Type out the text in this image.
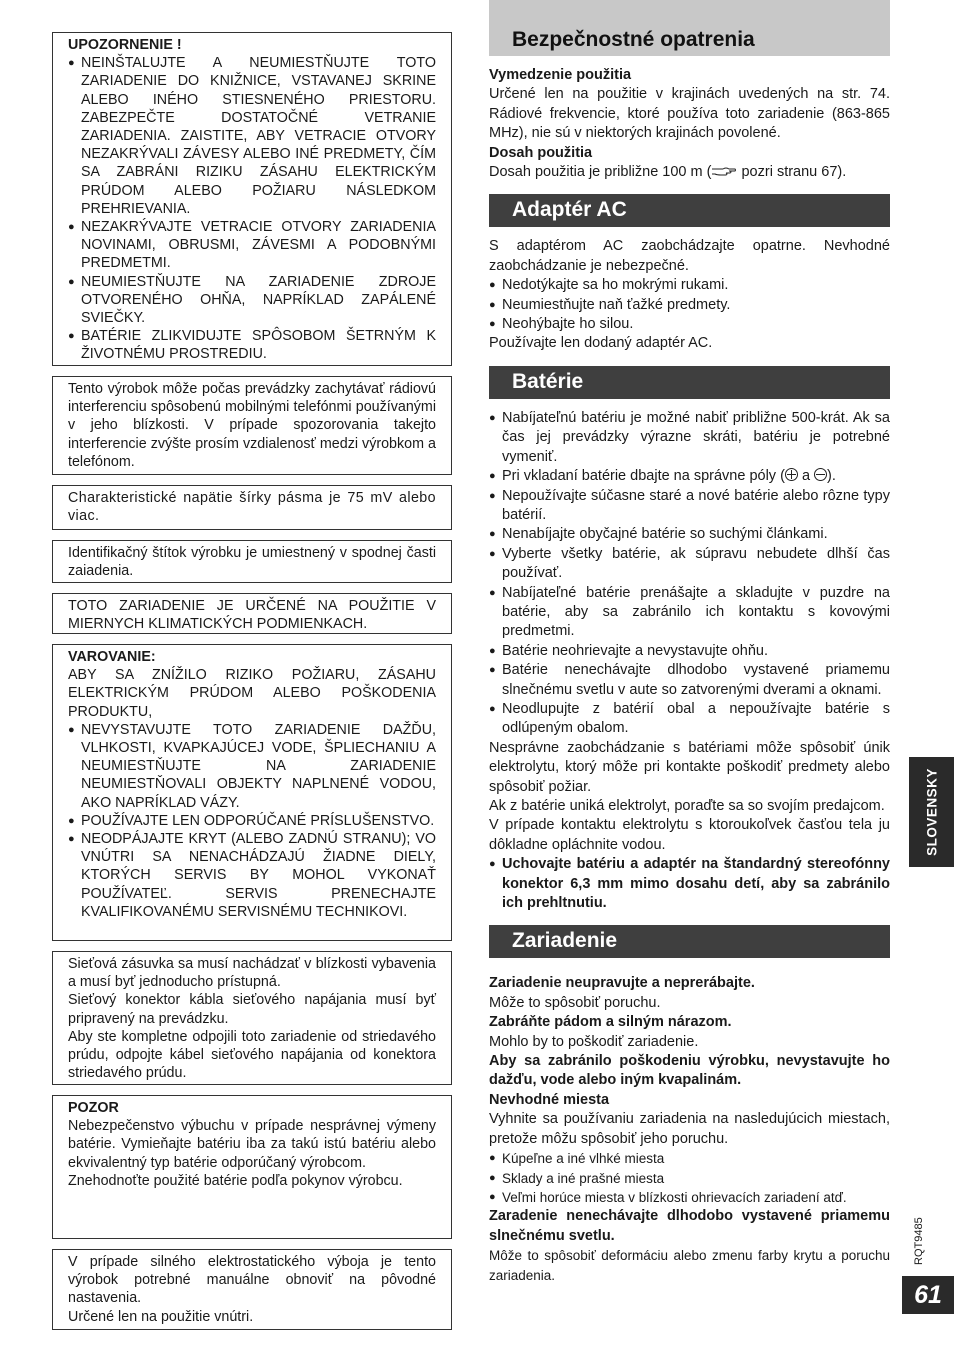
UPOZORNENIE !

● NEINŠTALUJTE A NEUMIESTŇUJTE TOTO ZARIADENIE DO KNIŽNICE, VSTAVANEJ SKRINE ALEBO INÉHO STIESNENÉHO PRIESTORU. ZABEZPEČTE DOSTATOČNÉ VETRANIE ZARIADENIA. ZAISTITE, ABY VETRACIE OTVORY NEZAKRÝVALI ZÁVESY ALEBO INÉ PREDMETY, ČÍM SA ZABRÁNI RIZIKU ZÁSAHU ELEKTRICKÝM PRÚDOM ALEBO POŽIARU NÁSLEDKOM PREHRIEVANIA.
● NEZAKRÝVAJTE VETRACIE OTVORY ZARIADENIA NOVINAMI, OBRUSMI, ZÁVESMI A PODOBNÝMI PREDMETMI.
● NEUMIESTŇUJTE NA ZARIADENIE ZDROJE OTVORENÉHO OHŇA, NAPRÍKLAD ZAPÁLENÉ SVIEČKY.
● BATÉRIE ZLIKVIDUJTE SPÔSOBOM ŠETRNÝM K ŽIVOTNÉMU PROSTREDIU.

Tento výrobok môže počas prevádzky zachytávať rádiovú interferenciu spôsobenú mobilnými telefónmi používanými v jeho blízkosti. V prípade spozorovania takejto interferencie zvýšte prosím vzdialenosť medzi výrobkom a telefónom.

Charakteristické napätie šírky pásma je 75 mV alebo viac.

Identifikačný štítok výrobku je umiestnený v spodnej časti zaiadenia.

TOTO ZARIADENIE JE URČENÉ NA POUŽITIE V MIERNYCH KLIMATICKÝCH PODMIENKACH.

VAROVANIE:

ABY SA ZNÍŽILO RIZIKO POŽIARU, ZÁSAHU ELEKTRICKÝM PRÚDOM ALEBO POŠKODENIA PRODUKTU,

● NEVYSTAVUJTE TOTO ZARIADENIE DAŽĎU, VLHKOSTI, KVAPKAJÚCEJ VODE, ŠPLIECHANIU A NEUMIESTŇUJTE NA ZARIADENIE NEUMIESTŇOVALI OBJEKTY NAPLNENÉ VODOU, AKO NAPRÍKLAD VÁZY.
● POUŽÍVAJTE LEN ODPORÚČANÉ PRÍSLUŠENSTVO.
● NEODPÁJAJTE KRYT (ALEBO ZADNÚ STRANU); VO VNÚTRI SA NENACHÁDZAJÚ ŽIADNE DIELY, KTORÝCH SERVIS BY MOHOL VYKONAŤ POUŽÍVATEĽ. SERVIS PRENECHAJTE KVALIFIKOVANÉMU SERVISNÉMU TECHNIKOVI.

Sieťová zásuvka sa musí nachádzať v blízkosti vybavenia a musí byť jednoducho prístupná.

Sieťový konektor kábla sieťového napájania musí byť pripravený na prevádzku.

Aby ste kompletne odpojili toto zariadenie od striedavého prúdu, odpojte kábel sieťového napájania od konektora striedavého prúdu.

POZOR

Nebezpečenstvo výbuchu v prípade nesprávnej výmeny batérie. Vymieňajte batériu iba za takú istú batériu alebo ekvivalentný typ batérie odporúčaný výrobcom.

Znehodnoťte použité batérie podľa pokynov výrobcu.

V prípade silného elektrostatického výboja je tento výrobok potrebné manuálne obnoviť na pôvodné nastavenia.

Určené len na použitie vnútri.

Bezpečnostné opatrenia

Vymedzenie použitia

Určené len na použitie v krajinách uvedených na str. 74. Rádiové frekvencie, ktoré používa toto zariadenie (863-865 MHz), nie sú v niektorých krajinách povolené.

Dosah použitia

Dosah použitia je približne 100 m ( pozri stranu 67).

Adaptér AC

S adaptérom AC zaobchádzajte opatrne. Nevhodné zaobchádzanie je nebezpečné.

● Nedotýkajte sa ho mokrými rukami.
● Neumiestňujte naň ťažké predmety.
● Neohýbajte ho silou.

Používajte len dodaný adaptér AC.

Batérie
● Nabíjateľnú batériu je možné nabiť približne 500-krát. Ak sa čas jej prevádzky výrazne skráti, batériu je potrebné vymeniť.
● Pri vkladaní batérie dbajte na správne póly ( a ).
● Nepoužívajte súčasne staré a nové batérie alebo rôzne typy batérií.
● Nenabíjajte obyčajné batérie so suchými článkami.
● Vyberte všetky batérie, ak súpravu nebudete dlhší čas používať.
● Nabíjateľné batérie prenášajte a skladujte v puzdre na batérie, aby sa zabránilo ich kontaktu s kovovými predmetmi.
● Batérie neohrievajte a nevystavujte ohňu.
● Batérie nenechávajte dlhodobo vystavené priamemu slnečnému svetlu v aute so zatvorenými dverami a oknami.
● Neodlupujte z batérií obal a nepoužívajte batérie s odlúpeným obalom.

Nesprávne zaobchádzanie s batériami môže spôsobiť únik elektrolytu, ktorý môže pri kontakte poškodiť predmety alebo spôsobiť požiar.

Ak z batérie uniká elektrolyt, poraďte sa so svojím predajcom.

V prípade kontaktu elektrolytu s ktoroukoľvek časťou tela ju dôkladne opláchnite vodou.

● Uchovajte batériu a adaptér na štandardný stereofónny konektor 6,3 mm mimo dosahu detí, aby sa zabránilo ich prehltnutiu.
Zariadenie

Zariadenie neupravujte a neprerábajte.

Môže to spôsobiť poruchu.

Zabráňte pádom a silným nárazom.

Mohlo by to poškodiť zariadenie.

Aby sa zabránilo poškodeniu výrobku, nevystavujte ho dažďu, vode alebo iným kvapalinám.

Nevhodné miesta

Vyhnite sa používaniu zariadenia na nasledujúcich miestach, pretože môžu spôsobiť jeho poruchu.

● Kúpeľne a iné vlhké miesta
● Sklady a iné prašné miesta
● Veľmi horúce miesta v blízkosti ohrievacích zariadení atď.

Zaradenie nenechávajte dlhodobo vystavené priamemu slnečnému svetlu.

Môže to spôsobiť deformáciu alebo zmenu farby krytu a poruchu zariadenia.

SLOVENSKY
RQT9485
61
